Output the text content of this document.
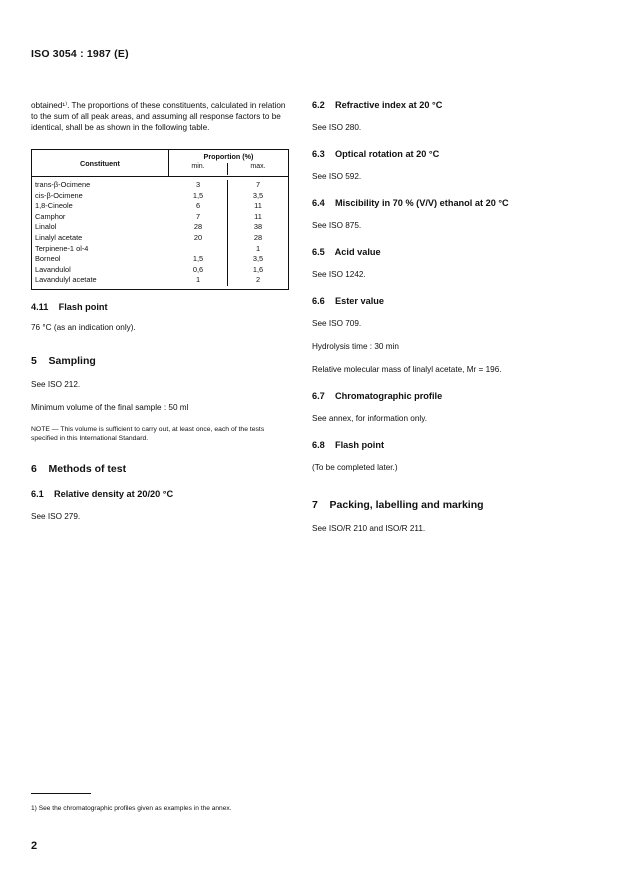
ISO 3054 : 1987 (E)

obtained¹⁾. The proportions of these constituents, calculated in relation to the sum of all peak areas, and assuming all response factors to be identical, shall be as shown in the following table.

Constituent
Proportion (%)
min.	max.
trans-β-Ocimene
cis-β-Ocimene
1,8-Cineole
Camphor
Linalol
Linalyl acetate
Terpinene-1 ol-4
Borneol
Lavandulol
Lavandulyl acetate
3
1,5
6
7
28
20
1,5
0,6
1
7
3,5
11
11
38
28
1
3,5
1,6
2

4.11 Flash point

76 °C (as an indication only).

5 Sampling

See ISO 212.

Minimum volume of the final sample : 50 ml

NOTE — This volume is sufficient to carry out, at least once, each of the tests specified in this International Standard.

6 Methods of test

6.1 Relative density at 20/20 °C

See ISO 279.

6.2 Refractive index at 20 °C

See ISO 280.

6.3 Optical rotation at 20 °C

See ISO 592.

6.4 Miscibility in 70 % (V/V) ethanol at 20 °C

See ISO 875.

6.5 Acid value

See ISO 1242.

6.6 Ester value

See ISO 709.

Hydrolysis time : 30 min

Relative molecular mass of linalyl acetate, Mr = 196.

6.7 Chromatographic profile

See annex, for information only.

6.8 Flash point

(To be completed later.)

7 Packing, labelling and marking

See ISO/R 210 and ISO/R 211.

1) See the chromatographic profiles given as examples in the annex.
2
